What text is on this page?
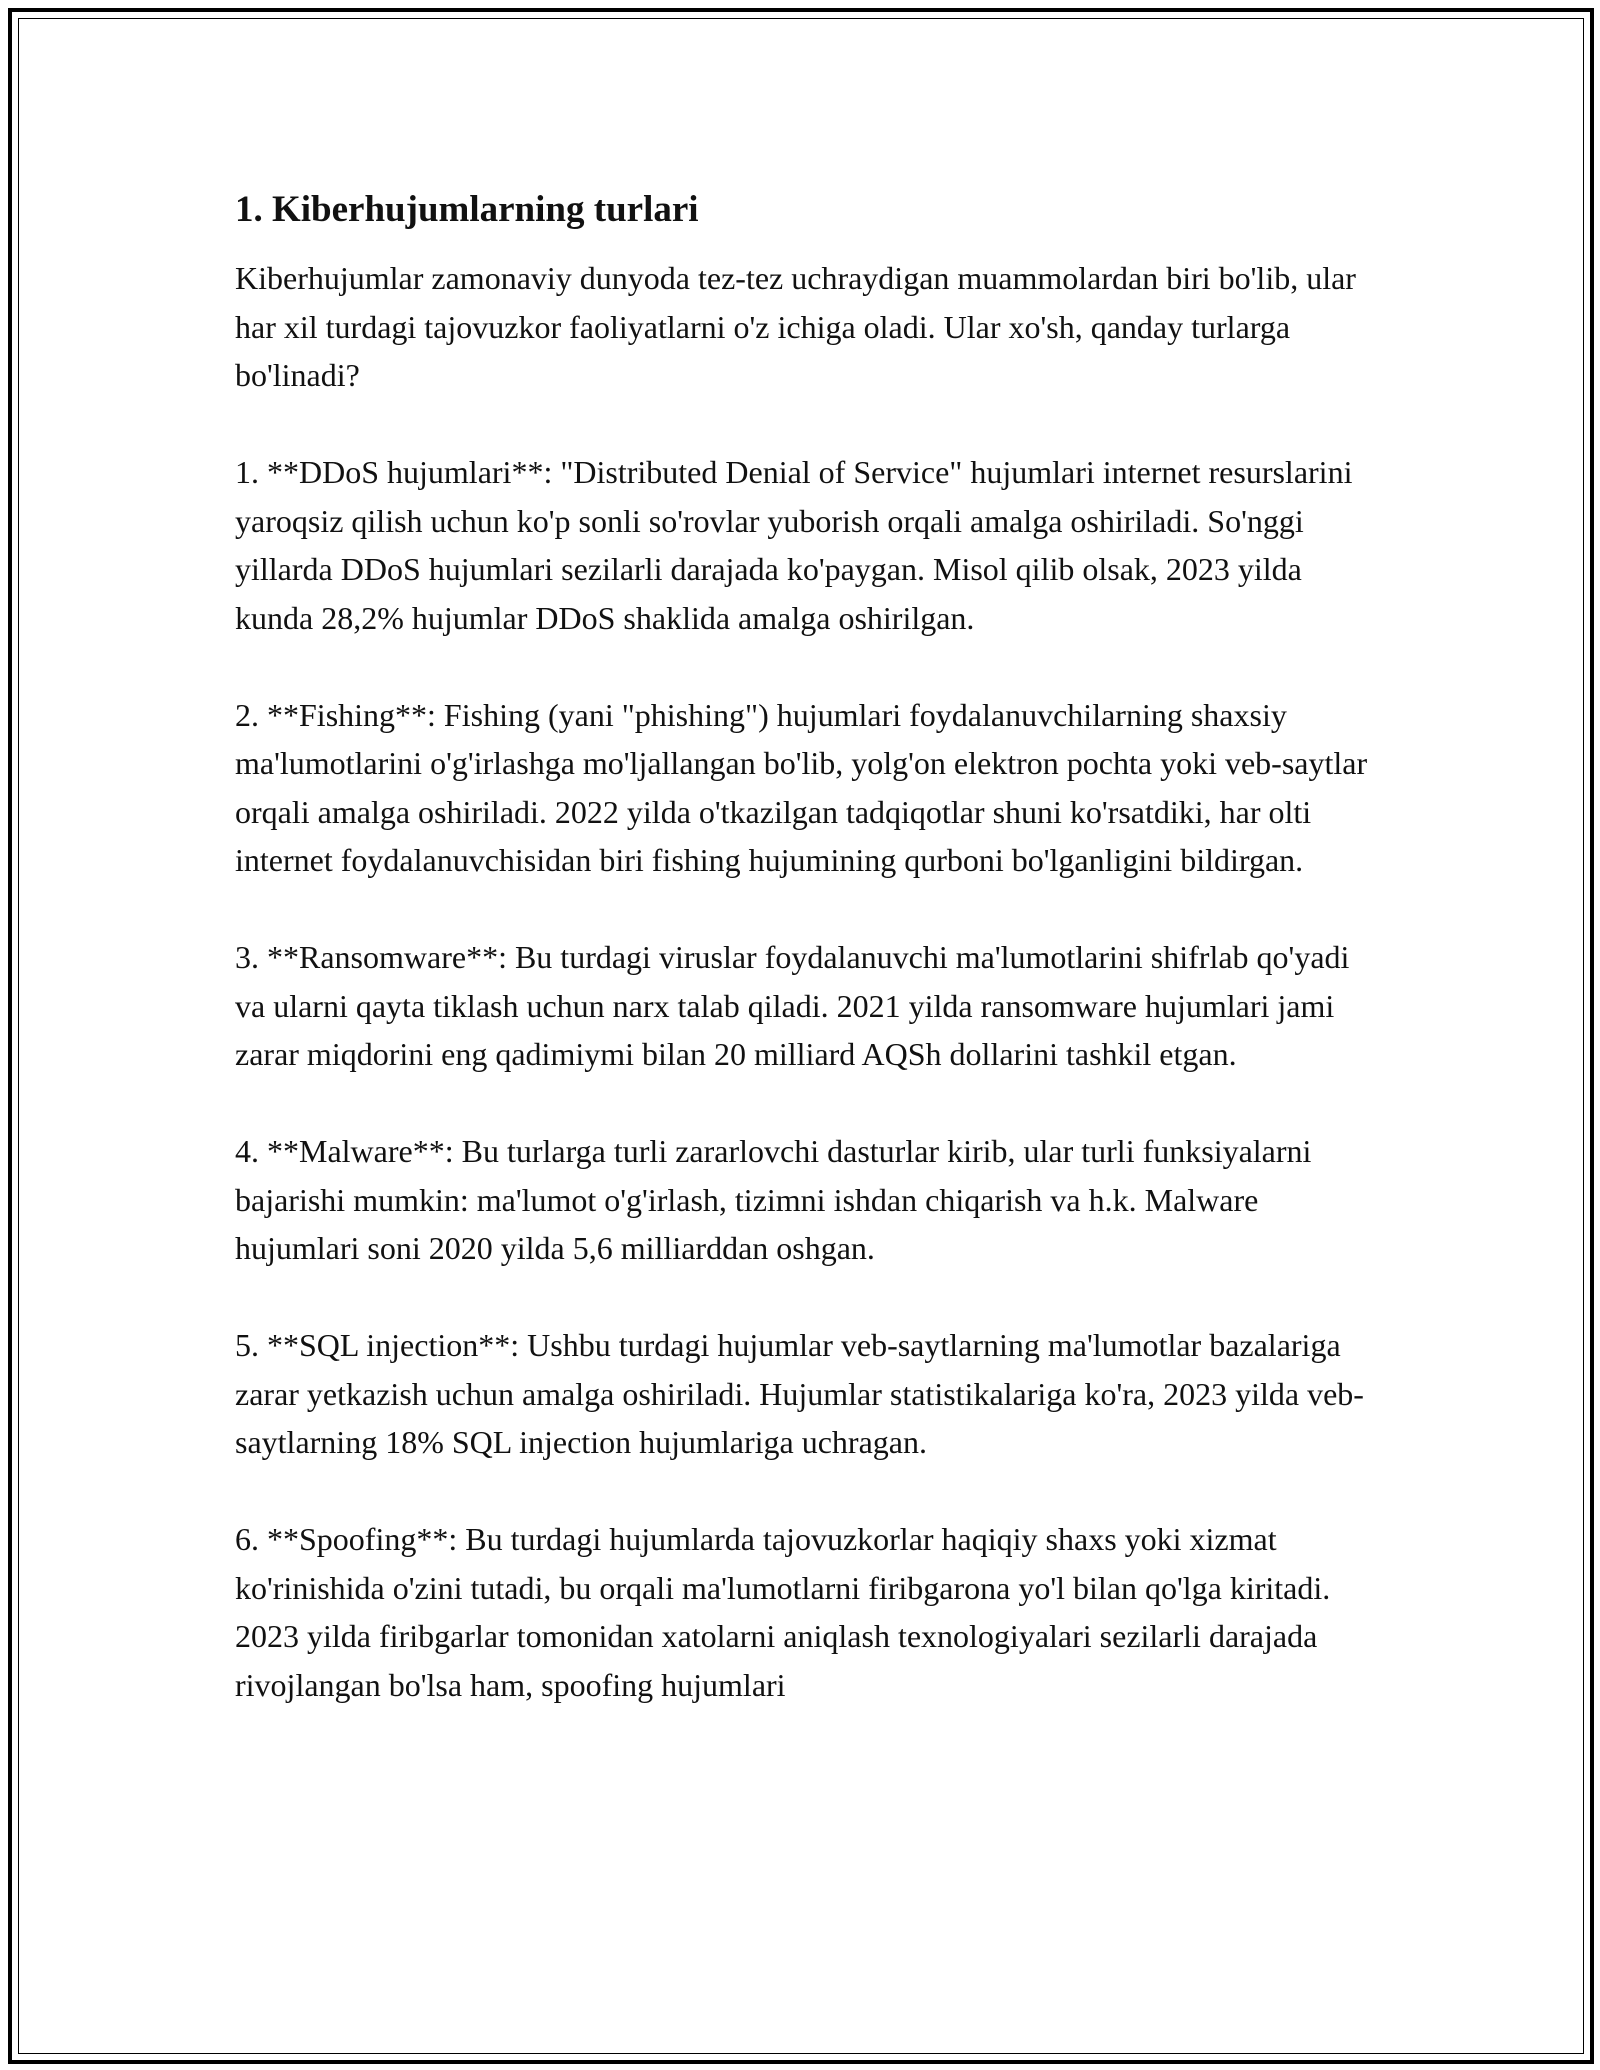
1. Kiberhujumlarning turlari

Kiberhujumlar zamonaviy dunyoda tez-tez uchraydigan muammolardan biri bo'lib, ular har xil turdagi tajovuzkor faoliyatlarni o'z ichiga oladi. Ular xo'sh, qanday turlarga bo'linadi?

1. **DDoS hujumlari**: "Distributed Denial of Service" hujumlari internet resurslarini yaroqsiz qilish uchun ko'p sonli so'rovlar yuborish orqali amalga oshiriladi. So'nggi yillarda DDoS hujumlari sezilarli darajada ko'paygan. Misol qilib olsak, 2023 yilda kunda 28,2% hujumlar DDoS shaklida amalga oshirilgan.

2. **Fishing**: Fishing (yani "phishing") hujumlari foydalanuvchilarning shaxsiy ma'lumotlarini o'g'irlashga mo'ljallangan bo'lib, yolg'on elektron pochta yoki veb-saytlar orqali amalga oshiriladi. 2022 yilda o'tkazilgan tadqiqotlar shuni ko'rsatdiki, har olti internet foydalanuvchisidan biri fishing hujumining qurboni bo'lganligini bildirgan.

3. **Ransomware**: Bu turdagi viruslar foydalanuvchi ma'lumotlarini shifrlab qo'yadi va ularni qayta tiklash uchun narx talab qiladi. 2021 yilda ransomware hujumlari jami zarar miqdorini eng qadimiymi bilan 20 milliard AQSh dollarini tashkil etgan.

4. **Malware**: Bu turlarga turli zararlovchi dasturlar kirib, ular turli funksiyalarni bajarishi mumkin: ma'lumot o'g'irlash, tizimni ishdan chiqarish va h.k. Malware hujumlari soni 2020 yilda 5,6 milliarddan oshgan.

5. **SQL injection**: Ushbu turdagi hujumlar veb-saytlarning ma'lumotlar bazalariga zarar yetkazish uchun amalga oshiriladi. Hujumlar statistikalariga ko'ra, 2023 yilda veb-saytlarning 18% SQL injection hujumlariga uchragan.

6. **Spoofing**: Bu turdagi hujumlarda tajovuzkorlar haqiqiy shaxs yoki xizmat ko'rinishida o'zini tutadi, bu orqali ma'lumotlarni firibgarona yo'l bilan qo'lga kiritadi. 2023 yilda firibgarlar tomonidan xatolarni aniqlash texnologiyalari sezilarli darajada rivojlangan bo'lsa ham, spoofing hujumlari
